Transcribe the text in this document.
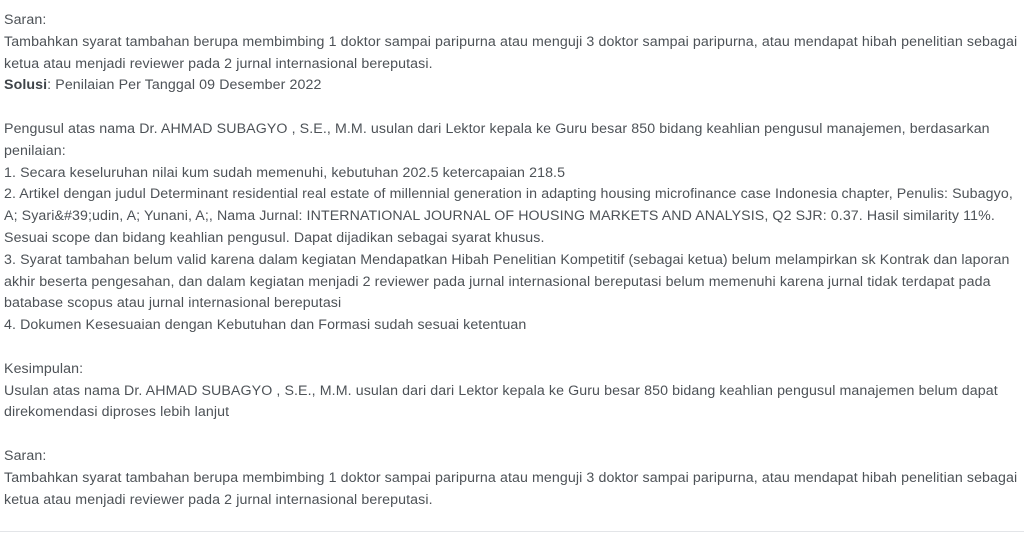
Saran:
Tambahkan syarat tambahan berupa membimbing 1 doktor sampai paripurna atau menguji 3 doktor sampai paripurna, atau mendapat hibah penelitian sebagai ketua atau menjadi reviewer pada 2 jurnal internasional bereputasi.
Solusi: Penilaian Per Tanggal 09 Desember 2022
Pengusul atas nama Dr. AHMAD SUBAGYO , S.E., M.M. usulan dari Lektor kepala ke Guru besar 850 bidang keahlian pengusul manajemen, berdasarkan penilaian:
1. Secara keseluruhan nilai kum sudah memenuhi, kebutuhan 202.5 ketercapaian 218.5
2. Artikel dengan judul Determinant residential real estate of millennial generation in adapting housing microfinance case Indonesia chapter, Penulis: Subagyo, A; Syari&#39;udin, A; Yunani, A;, Nama Jurnal: INTERNATIONAL JOURNAL OF HOUSING MARKETS AND ANALYSIS, Q2 SJR: 0.37. Hasil similarity 11%. Sesuai scope dan bidang keahlian pengusul. Dapat dijadikan sebagai syarat khusus.
3. Syarat tambahan belum valid karena dalam kegiatan Mendapatkan Hibah Penelitian Kompetitif (sebagai ketua) belum melampirkan sk Kontrak dan laporan akhir beserta pengesahan, dan dalam kegiatan menjadi 2 reviewer pada jurnal internasional bereputasi belum memenuhi karena jurnal tidak terdapat pada batabase scopus atau jurnal internasional bereputasi
4. Dokumen Kesesuaian dengan Kebutuhan dan Formasi sudah sesuai ketentuan
Kesimpulan:
Usulan atas nama Dr. AHMAD SUBAGYO , S.E., M.M. usulan dari dari Lektor kepala ke Guru besar 850 bidang keahlian pengusul manajemen belum dapat direkomendasi diproses lebih lanjut
Saran:
Tambahkan syarat tambahan berupa membimbing 1 doktor sampai paripurna atau menguji 3 doktor sampai paripurna, atau mendapat hibah penelitian sebagai ketua atau menjadi reviewer pada 2 jurnal internasional bereputasi.
